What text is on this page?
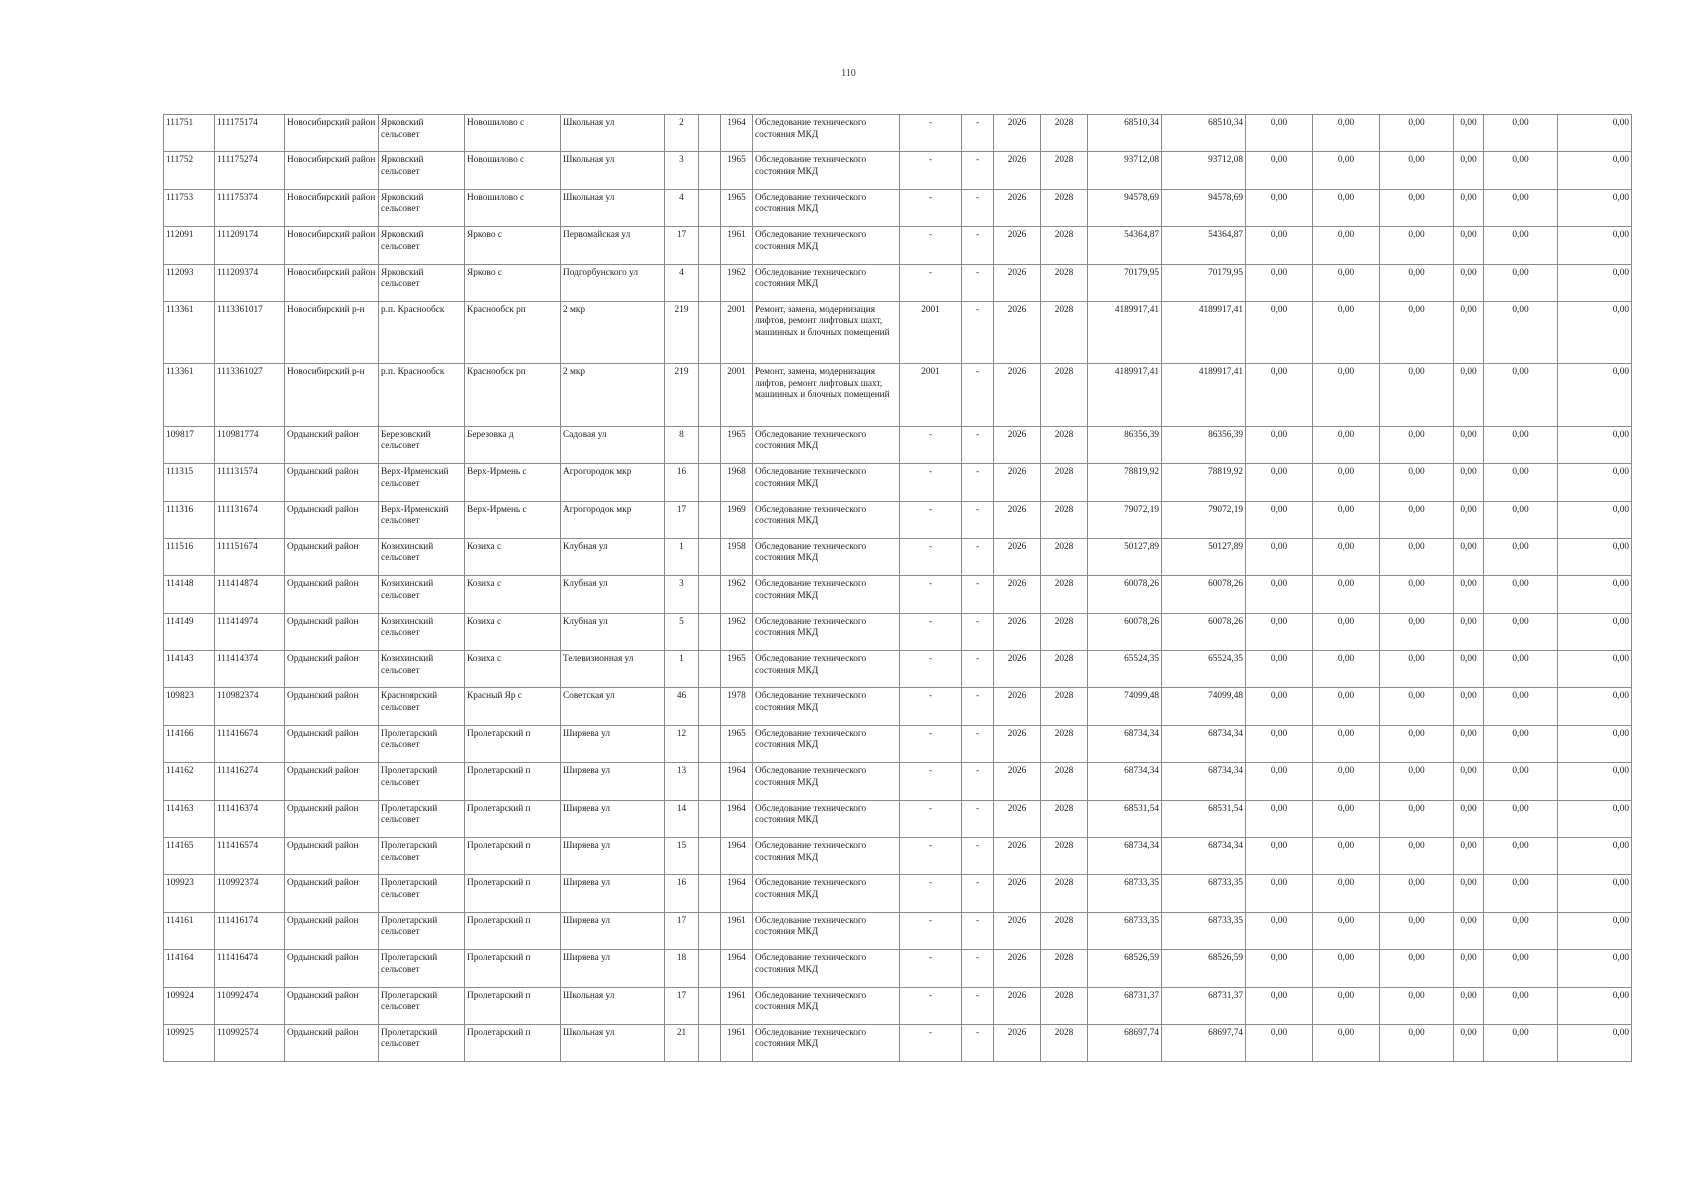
110
111751	111175174	Новосибирский район	Ярковский сельсовет	Новошилово с	Школьная ул	2		1964	Обследование технического состояния МКД	-	-	2026	2028	68510,34	68510,34	0,00	0,00	0,00	0,00	0,00	0,00
111752	111175274	Новосибирский район	Ярковский сельсовет	Новошилово с	Школьная ул	3		1965	Обследование технического состояния МКД	-	-	2026	2028	93712,08	93712,08	0,00	0,00	0,00	0,00	0,00	0,00
111753	111175374	Новосибирский район	Ярковский сельсовет	Новошилово с	Школьная ул	4		1965	Обследование технического состояния МКД	-	-	2026	2028	94578,69	94578,69	0,00	0,00	0,00	0,00	0,00	0,00
112091	111209174	Новосибирский район	Ярковский сельсовет	Ярково с	Первомайская ул	17		1961	Обследование технического состояния МКД	-	-	2026	2028	54364,87	54364,87	0,00	0,00	0,00	0,00	0,00	0,00
112093	111209374	Новосибирский район	Ярковский сельсовет	Ярково с	Подгорбунского ул	4		1962	Обследование технического состояния МКД	-	-	2026	2028	70179,95	70179,95	0,00	0,00	0,00	0,00	0,00	0,00
113361	1113361017	Новосибирский р-н	р.п. Краснообск	Краснообск рп	2 мкр	219		2001	Ремонт, замена, модернизация лифтов, ремонт лифтовых шахт, машинных и блочных помещений	2001	-	2026	2028	4189917,41	4189917,41	0,00	0,00	0,00	0,00	0,00	0,00
113361	1113361027	Новосибирский р-н	р.п. Краснообск	Краснообск рп	2 мкр	219		2001	Ремонт, замена, модернизация лифтов, ремонт лифтовых шахт, машинных и блочных помещений	2001	-	2026	2028	4189917,41	4189917,41	0,00	0,00	0,00	0,00	0,00	0,00
109817	110981774	Ордынский район	Березовский сельсовет	Березовка д	Садовая ул	8		1965	Обследование технического состояния МКД	-	-	2026	2028	86356,39	86356,39	0,00	0,00	0,00	0,00	0,00	0,00
111315	111131574	Ордынский район	Верх-Ирменский сельсовет	Верх-Ирмень с	Агрогородок мкр	16		1968	Обследование технического состояния МКД	-	-	2026	2028	78819,92	78819,92	0,00	0,00	0,00	0,00	0,00	0,00
111316	111131674	Ордынский район	Верх-Ирменский сельсовет	Верх-Ирмень с	Агрогородок мкр	17		1969	Обследование технического состояния МКД	-	-	2026	2028	79072,19	79072,19	0,00	0,00	0,00	0,00	0,00	0,00
111516	111151674	Ордынский район	Козихинский сельсовет	Козиха с	Клубная ул	1		1958	Обследование технического состояния МКД	-	-	2026	2028	50127,89	50127,89	0,00	0,00	0,00	0,00	0,00	0,00
114148	111414874	Ордынский район	Козихинский сельсовет	Козиха с	Клубная ул	3		1962	Обследование технического состояния МКД	-	-	2026	2028	60078,26	60078,26	0,00	0,00	0,00	0,00	0,00	0,00
114149	111414974	Ордынский район	Козихинский сельсовет	Козиха с	Клубная ул	5		1962	Обследование технического состояния МКД	-	-	2026	2028	60078,26	60078,26	0,00	0,00	0,00	0,00	0,00	0,00
114143	111414374	Ордынский район	Козихинский сельсовет	Козиха с	Телевизионная ул	1		1965	Обследование технического состояния МКД	-	-	2026	2028	65524,35	65524,35	0,00	0,00	0,00	0,00	0,00	0,00
109823	110982374	Ордынский район	Красноярский сельсовет	Красный Яр с	Советская ул	46		1978	Обследование технического состояния МКД	-	-	2026	2028	74099,48	74099,48	0,00	0,00	0,00	0,00	0,00	0,00
114166	111416674	Ордынский район	Пролетарский сельсовет	Пролетарский п	Ширяева ул	12		1965	Обследование технического состояния МКД	-	-	2026	2028	68734,34	68734,34	0,00	0,00	0,00	0,00	0,00	0,00
114162	111416274	Ордынский район	Пролетарский сельсовет	Пролетарский п	Ширяева ул	13		1964	Обследование технического состояния МКД	-	-	2026	2028	68734,34	68734,34	0,00	0,00	0,00	0,00	0,00	0,00
114163	111416374	Ордынский район	Пролетарский сельсовет	Пролетарский п	Ширяева ул	14		1964	Обследование технического состояния МКД	-	-	2026	2028	68531,54	68531,54	0,00	0,00	0,00	0,00	0,00	0,00
114165	111416574	Ордынский район	Пролетарский сельсовет	Пролетарский п	Ширяева ул	15		1964	Обследование технического состояния МКД	-	-	2026	2028	68734,34	68734,34	0,00	0,00	0,00	0,00	0,00	0,00
109923	110992374	Ордынский район	Пролетарский сельсовет	Пролетарский п	Ширяева ул	16		1964	Обследование технического состояния МКД	-	-	2026	2028	68733,35	68733,35	0,00	0,00	0,00	0,00	0,00	0,00
114161	111416174	Ордынский район	Пролетарский сельсовет	Пролетарский п	Ширяева ул	17		1961	Обследование технического состояния МКД	-	-	2026	2028	68733,35	68733,35	0,00	0,00	0,00	0,00	0,00	0,00
114164	111416474	Ордынский район	Пролетарский сельсовет	Пролетарский п	Ширяева ул	18		1964	Обследование технического состояния МКД	-	-	2026	2028	68526,59	68526,59	0,00	0,00	0,00	0,00	0,00	0,00
109924	110992474	Ордынский район	Пролетарский сельсовет	Пролетарский п	Школьная ул	17		1961	Обследование технического состояния МКД	-	-	2026	2028	68731,37	68731,37	0,00	0,00	0,00	0,00	0,00	0,00
109925	110992574	Ордынский район	Пролетарский сельсовет	Пролетарский п	Школьная ул	21		1961	Обследование технического состояния МКД	-	-	2026	2028	68697,74	68697,74	0,00	0,00	0,00	0,00	0,00	0,00
